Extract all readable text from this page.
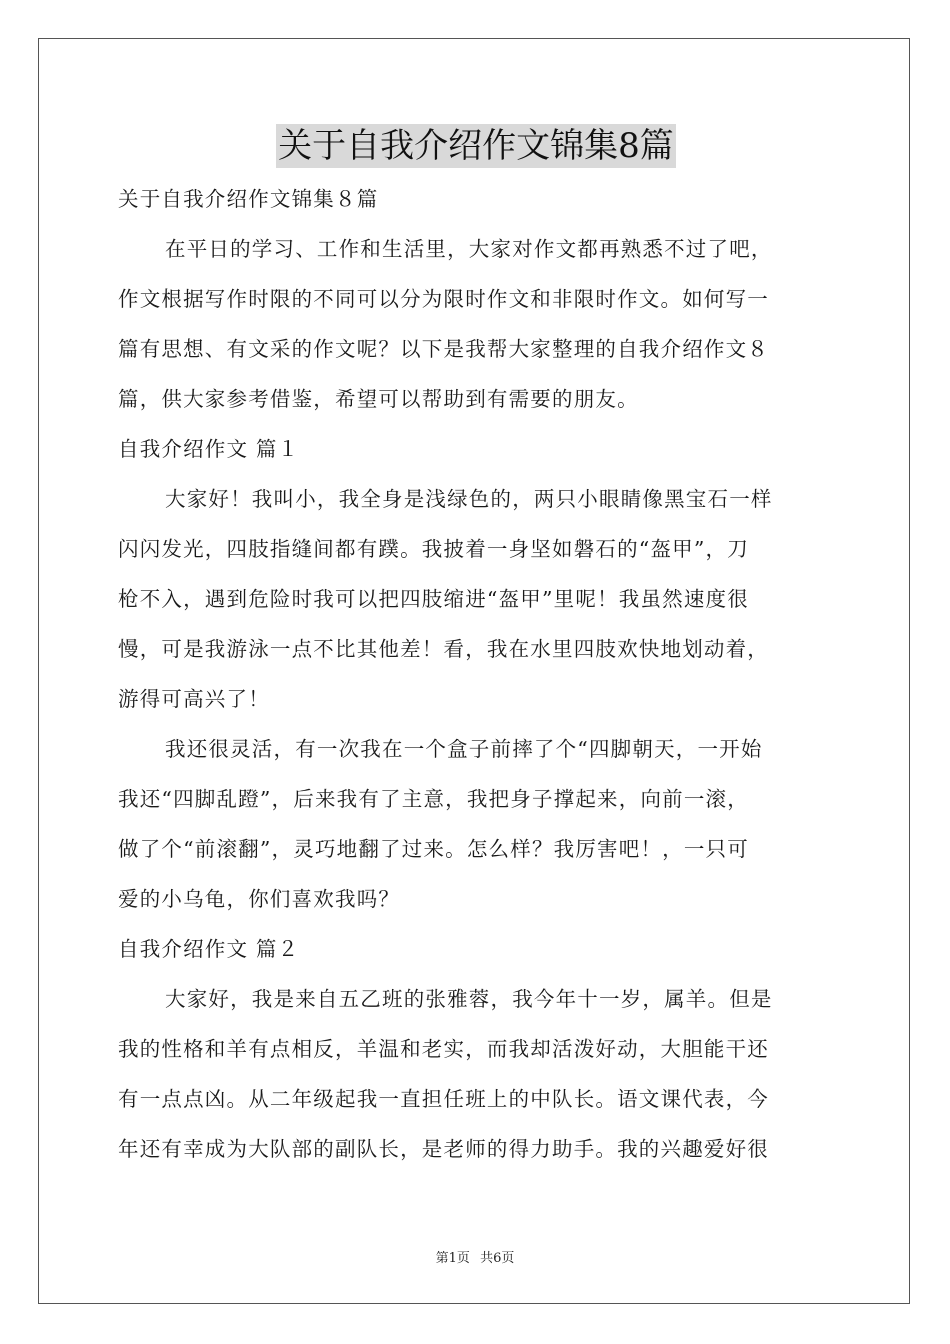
关于自我介绍作文锦集8篇
关于自我介绍作文锦集８篇
在平日的学习、工作和生活里，大家对作文都再熟悉不过了吧，
作文根据写作时限的不同可以分为限时作文和非限时作文。如何写一
篇有思想、有文采的作文呢？以下是我帮大家整理的自我介绍作文８
篇，供大家参考借鉴，希望可以帮助到有需要的朋友。
自我介绍作文 篇１
大家好！我叫小，我全身是浅绿色的，两只小眼睛像黑宝石一样
闪闪发光，四肢指缝间都有蹼。我披着一身坚如磐石的“盔甲”，刀
枪不入，遇到危险时我可以把四肢缩进“盔甲”里呢！我虽然速度很
慢，可是我游泳一点不比其他差！看，我在水里四肢欢快地划动着，
游得可高兴了！
我还很灵活，有一次我在一个盒子前摔了个“四脚朝天，一开始
我还“四脚乱蹬”，后来我有了主意，我把身子撑起来，向前一滚，
做了个“前滚翻”，灵巧地翻了过来。怎么样？我厉害吧！，一只可
爱的小乌龟，你们喜欢我吗？
自我介绍作文 篇２
大家好，我是来自五乙班的张雅蓉，我今年十一岁，属羊。但是
我的性格和羊有点相反，羊温和老实，而我却活泼好动，大胆能干还
有一点点凶。从二年级起我一直担任班上的中队长。语文课代表，今
年还有幸成为大队部的副队长，是老师的得力助手。我的兴趣爱好很
第1页 共6页
